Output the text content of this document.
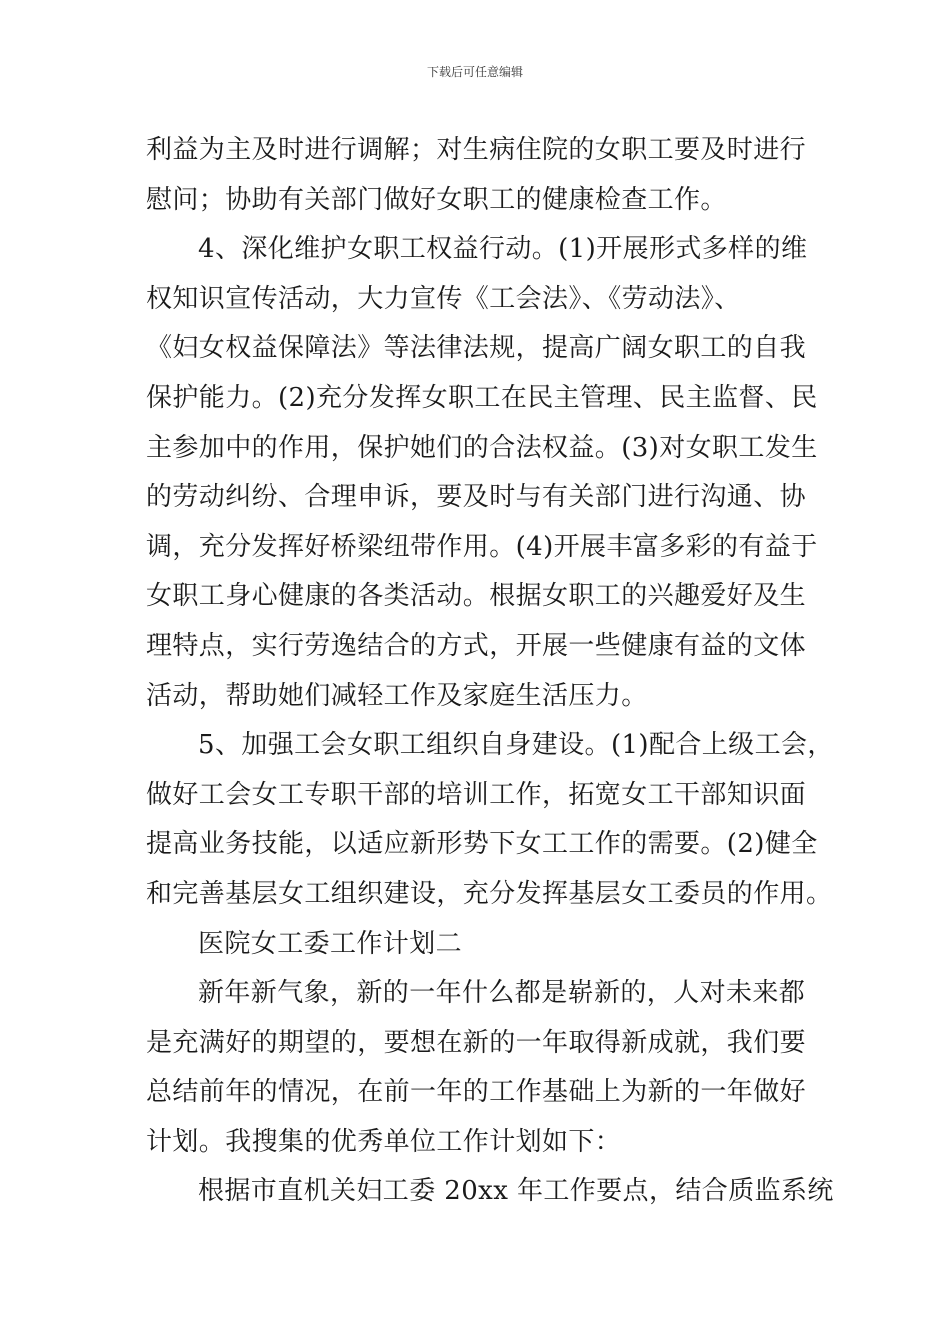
下载后可任意编辑
利益为主及时进行调解；对生病住院的女职工要及时进行
慰问；协助有关部门做好女职工的健康检查工作。
4、深化维护女职工权益行动。(1)开展形式多样的维
权知识宣传活动，大力宣传《工会法》、《劳动法》、
《妇女权益保障法》等法律法规，提高广阔女职工的自我
保护能力。(2)充分发挥女职工在民主管理、民主监督、民
主参加中的作用，保护她们的合法权益。(3)对女职工发生
的劳动纠纷、合理申诉，要及时与有关部门进行沟通、协
调，充分发挥好桥梁纽带作用。(4)开展丰富多彩的有益于
女职工身心健康的各类活动。根据女职工的兴趣爱好及生
理特点，实行劳逸结合的方式，开展一些健康有益的文体
活动，帮助她们减轻工作及家庭生活压力。
5、加强工会女职工组织自身建设。(1)配合上级工会，
做好工会女工专职干部的培训工作，拓宽女工干部知识面
提高业务技能，以适应新形势下女工工作的需要。(2)健全
和完善基层女工组织建设，充分发挥基层女工委员的作用。
医院女工委工作计划二
新年新气象，新的一年什么都是崭新的，人对未来都
是充满好的期望的，要想在新的一年取得新成就，我们要
总结前年的情况，在前一年的工作基础上为新的一年做好
计划。我搜集的优秀单位工作计划如下：
根据市直机关妇工委 20xx 年工作要点，结合质监系统
